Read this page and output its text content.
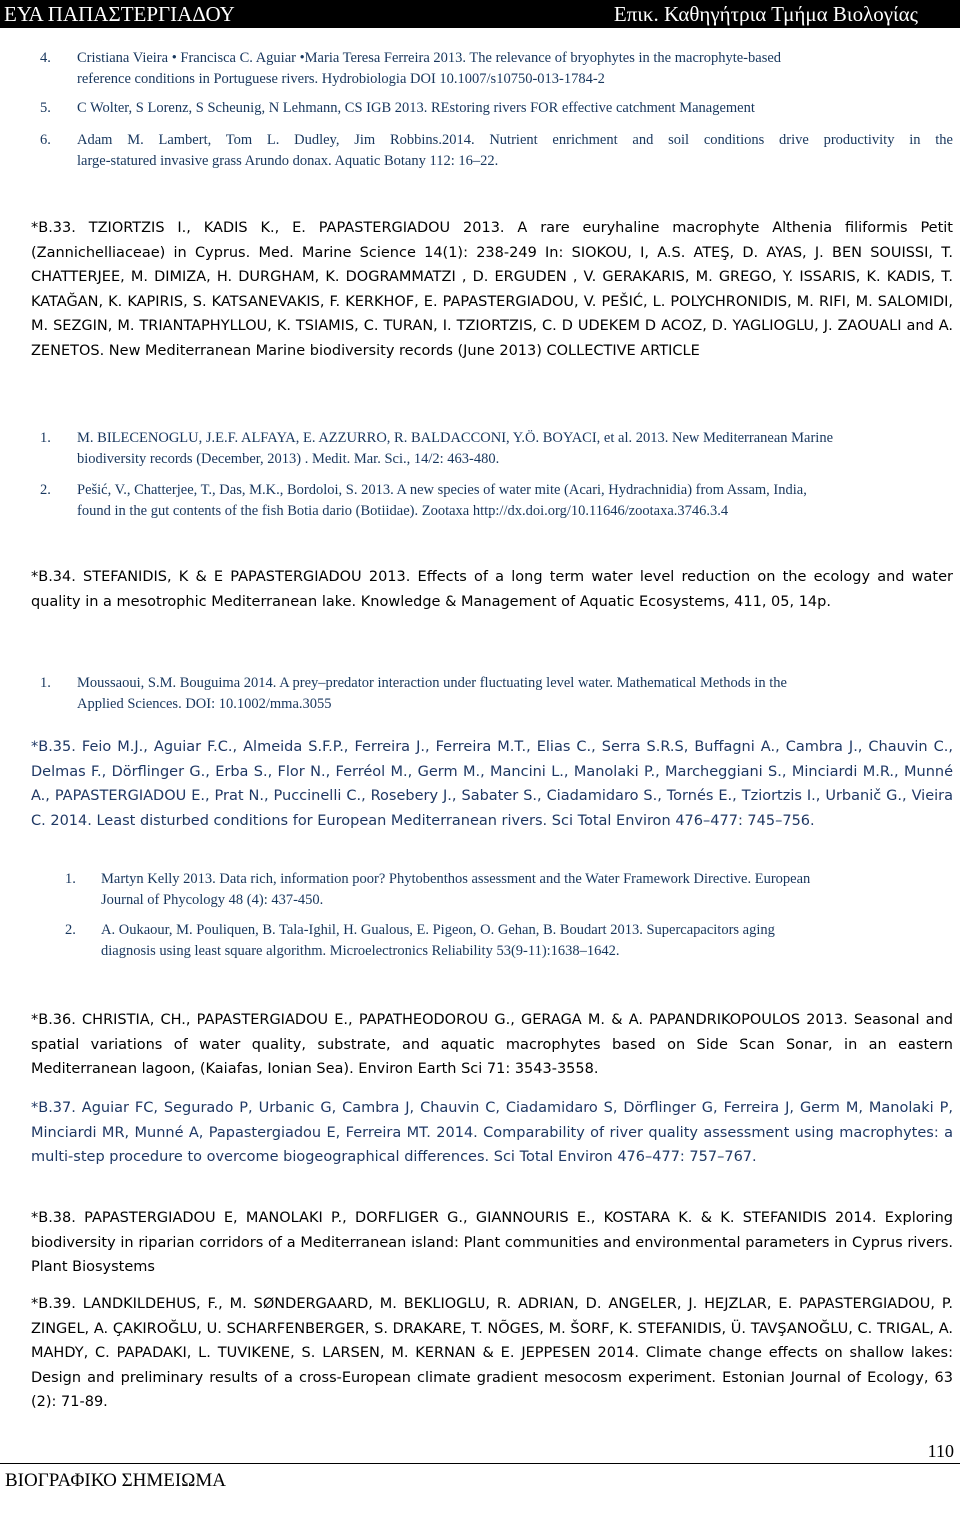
ΕΥΑ ΠΑΠΑΣΤΕΡΓΙΑΔΟΥ	Επικ. Καθηγήτρια Τμήμα Βιολογίας
4. Cristiana Vieira • Francisca C. Aguiar •Maria Teresa Ferreira 2013. The relevance of bryophytes in the macrophyte-based
reference conditions in Portuguese rivers. Hydrobiologia DOI 10.1007/s10750-013-1784-2
5. C Wolter, S Lorenz, S Scheunig, N Lehmann, CS IGB 2013. REstoring rivers FOR effective catchment Management
6. Adam M. Lambert, Tom L. Dudley, Jim Robbins.2014. Nutrient enrichment and soil conditions drive productivity in the
large-statured invasive grass Arundo donax. Aquatic Botany 112: 16–22.
*B.33. TZIORTZIS I., KADIS K., E. PAPASTERGIADOU 2013. A rare euryhaline macrophyte Althenia filiformis Petit (Zannichelliaceae) in Cyprus. Med. Marine Science 14(1): 238-249 In: SIOKOU, I, A.S. ATEŞ, D. AYAS, J. BEN SOUISSI, T. CHATTERJEE, M. DIMIZA, H. DURGHAM, K. DOGRAMMATZI , D. ERGUDEN , V. GERAKARIS, M. GREGO, Y. ISSARIS, K. KADIS, T. KATAĞAN, K. KAPIRIS, S. KATSANEVAKIS, F. KERKHOF, E. PAPASTERGIADOU, V. PEŠIĆ, L. POLYCHRONIDIS, M. RIFI, M. SALOMIDI, M. SEZGIN, M. TRIANTAPHYLLOU, K. TSIAMIS, C. TURAN, I. TZIORTZIS, C. D UDEKEM D ACOZ, D. YAGLIOGLU, J. ZAOUALI and A. ZENETOS. New Mediterranean Marine biodiversity records (June 2013) COLLECTIVE ARTICLE
1. M. BILECENOGLU, J.E.F. ALFAYA, E. AZZURRO, R. BALDACCONI, Y.Ö. BOYACI, et al. 2013. New Mediterranean Marine
biodiversity records (December, 2013) . Medit. Mar. Sci., 14/2: 463-480.
2. Pešić, V., Chatterjee, T., Das, M.K., Bordoloi, S. 2013. A new species of water mite (Acari, Hydrachnidia) from Assam, India,
found in the gut contents of the fish Botia dario (Botiidae). Zootaxa http://dx.doi.org/10.11646/zootaxa.3746.3.4
*B.34. STEFANIDIS, K & E PAPASTERGIADOU 2013. Effects of a long term water level reduction on the ecology and water quality in a mesotrophic Mediterranean lake. Knowledge & Management of Aquatic Ecosystems, 411, 05, 14p.
1. Moussaoui, S.M. Bouguima 2014. A prey–predator interaction under fluctuating level water. Mathematical Methods in the
Applied Sciences. DOI: 10.1002/mma.3055
*B.35. Feio M.J., Aguiar F.C., Almeida S.F.P., Ferreira J., Ferreira M.T., Elias C., Serra S.R.S, Buffagni A., Cambra J., Chauvin C., Delmas F., Dörflinger G., Erba S., Flor N., Ferréol M., Germ M., Mancini L., Manolaki P., Marcheggiani S., Minciardi M.R., Munné A., PAPASTERGIADOU E., Prat N., Puccinelli C., Rosebery J., Sabater S., Ciadamidaro S., Tornés E., Tziortzis I., Urbanič G., Vieira C. 2014. Least disturbed conditions for European Mediterranean rivers. Sci Total Environ 476–477: 745–756.
1. Martyn Kelly 2013. Data rich, information poor? Phytobenthos assessment and the Water Framework Directive. European
Journal of Phycology 48 (4): 437-450.
2. A. Oukaour, M. Pouliquen, B. Tala-Ighil, H. Gualous, E. Pigeon, O. Gehan, B. Boudart 2013. Supercapacitors aging
diagnosis using least square algorithm. Microelectronics Reliability 53(9-11):1638–1642.
*B.36. CHRISTIA, CH., PAPASTERGIADOU E., PAPATHEODOROU G., GERAGA M. & A. PAPANDRIKOPOULOS 2013. Seasonal and spatial variations of water quality, substrate, and aquatic macrophytes based on Side Scan Sonar, in an eastern Mediterranean lagoon, (Kaiafas, Ionian Sea). Environ Earth Sci 71: 3543-3558.
*B.37. Aguiar FC, Segurado P, Urbanic G, Cambra J, Chauvin C, Ciadamidaro S, Dörflinger G, Ferreira J, Germ M, Manolaki P, Minciardi MR, Munné A, Papastergiadou E, Ferreira MT. 2014. Comparability of river quality assessment using macrophytes: a multi-step procedure to overcome biogeographical differences. Sci Total Environ 476–477: 757–767.
*B.38. PAPASTERGIADOU E, MANOLAKI P., DORFLIGER G., GIANNOURIS E., KOSTARA K. & K. STEFANIDIS 2014. Exploring biodiversity in riparian corridors of a Mediterranean island: Plant communities and environmental parameters in Cyprus rivers. Plant Biosystems
*B.39. LANDKILDEHUS, F., M. SØNDERGAARD, M. BEKLIOGLU, R. ADRIAN, D. ANGELER, J. HEJZLAR, E. PAPASTERGIADOU, P. ZINGEL, A. ÇAKIROĞLU, U. SCHARFENBERGER, S. DRAKARE, T. NÕGES, M. ŠORF, K. STEFANIDIS, Ü. TAVŞANOĞLU, C. TRIGAL, A. MAHDY, C. PAPADAKI, L. TUVIKENE, S. LARSEN, M. KERNAN & E. JEPPESEN 2014. Climate change effects on shallow lakes: Design and preliminary results of a cross-European climate gradient mesocosm experiment. Estonian Journal of Ecology, 63 (2): 71-89.
110
ΒΙΟΓΡΑΦΙΚΟ ΣΗΜΕΙΩΜΑ
